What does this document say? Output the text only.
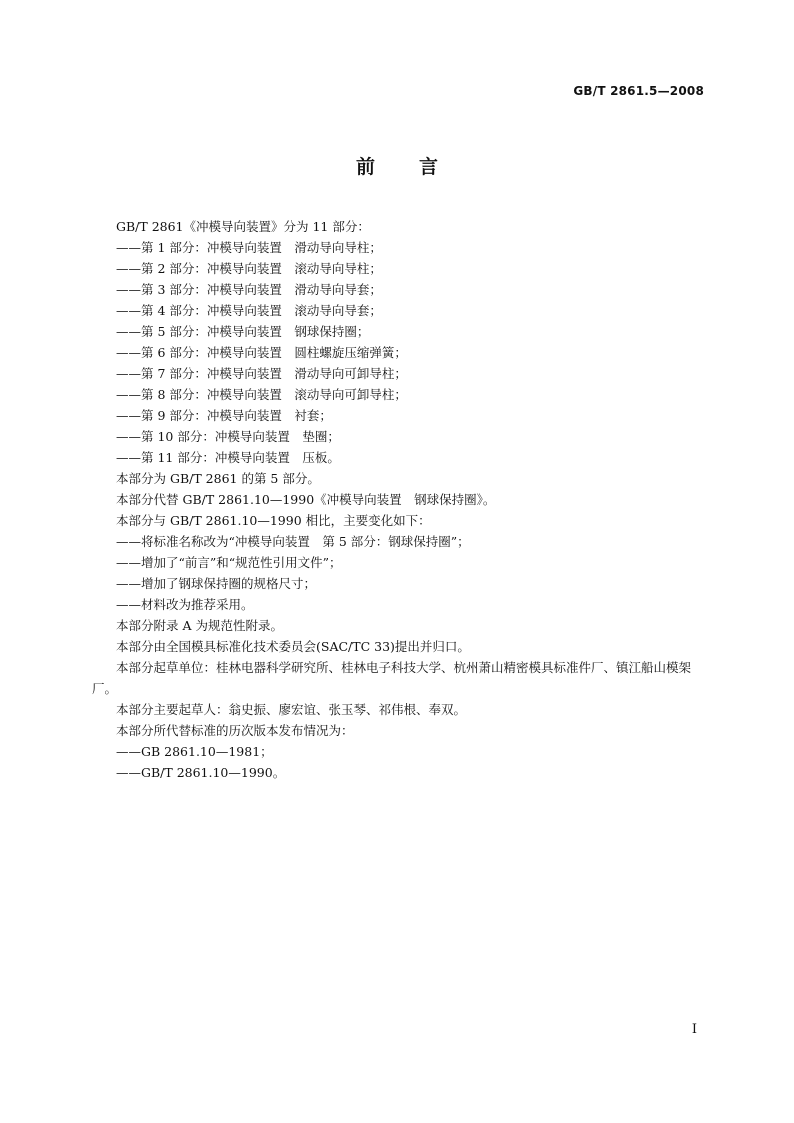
GB/T 2861.5—2008
前言

GB/T 2861《冲模导向装置》分为 11 部分：

——第 1 部分：冲模导向装置　滑动导向导柱；

——第 2 部分：冲模导向装置　滚动导向导柱；

——第 3 部分：冲模导向装置　滑动导向导套；

——第 4 部分：冲模导向装置　滚动导向导套；

——第 5 部分：冲模导向装置　钢球保持圈；

——第 6 部分：冲模导向装置　圆柱螺旋压缩弹簧；

——第 7 部分：冲模导向装置　滑动导向可卸导柱；

——第 8 部分：冲模导向装置　滚动导向可卸导柱；

——第 9 部分：冲模导向装置　衬套；

——第 10 部分：冲模导向装置　垫圈；

——第 11 部分：冲模导向装置　压板。

本部分为 GB/T 2861 的第 5 部分。

本部分代替 GB/T 2861.10—1990《冲模导向装置　钢球保持圈》。

本部分与 GB/T 2861.10—1990 相比，主要变化如下：

——将标准名称改为“冲模导向装置　第 5 部分：钢球保持圈”；

——增加了“前言”和“规范性引用文件”；

——增加了钢球保持圈的规格尺寸；

——材料改为推荐采用。

本部分附录 A 为规范性附录。

本部分由全国模具标准化技术委员会(SAC/TC 33)提出并归口。

本部分起草单位：桂林电器科学研究所、桂林电子科技大学、杭州萧山精密模具标准件厂、镇江船山模架厂。

本部分主要起草人：翁史振、廖宏谊、张玉琴、祁伟根、奉双。

本部分所代替标准的历次版本发布情况为：

——GB 2861.10—1981；

——GB/T 2861.10—1990。

I
